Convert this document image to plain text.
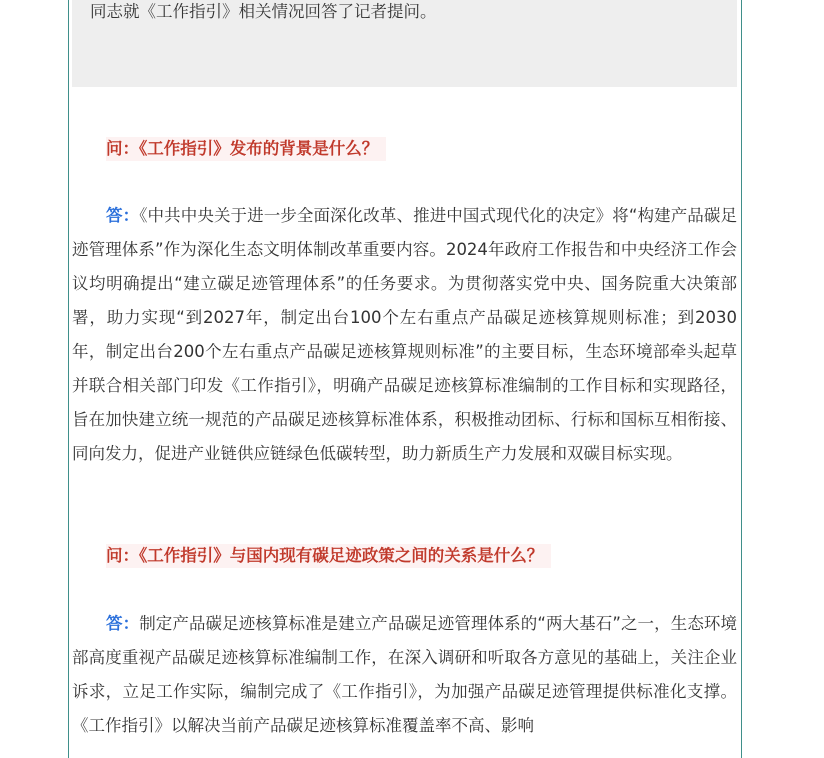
同志就《工作指引》相关情况回答了记者提问。
问：《工作指引》发布的背景是什么？
答：《中共中央关于进一步全面深化改革、推进中国式现代化的决定》将“构建产品碳足迹管理体系”作为深化生态文明体制改革重要内容。2024年政府工作报告和中央经济工作会议均明确提出“建立碳足迹管理体系”的任务要求。为贯彻落实党中央、国务院重大决策部署，助力实现“到2027年，制定出台100个左右重点产品碳足迹核算规则标准；到2030年，制定出台200个左右重点产品碳足迹核算规则标准”的主要目标，生态环境部牵头起草并联合相关部门印发《工作指引》，明确产品碳足迹核算标准编制的工作目标和实现路径，旨在加快建立统一规范的产品碳足迹核算标准体系，积极推动团标、行标和国标互相衔接、同向发力，促进产业链供应链绿色低碳转型，助力新质生产力发展和双碳目标实现。
问：《工作指引》与国内现有碳足迹政策之间的关系是什么？
答：制定产品碳足迹核算标准是建立产品碳足迹管理体系的“两大基石”之一，生态环境部高度重视产品碳足迹核算标准编制工作，在深入调研和听取各方意见的基础上，关注企业诉求，立足工作实际，编制完成了《工作指引》，为加强产品碳足迹管理提供标准化支撑。《工作指引》以解决当前产品碳足迹核算标准覆盖率不高、影响
